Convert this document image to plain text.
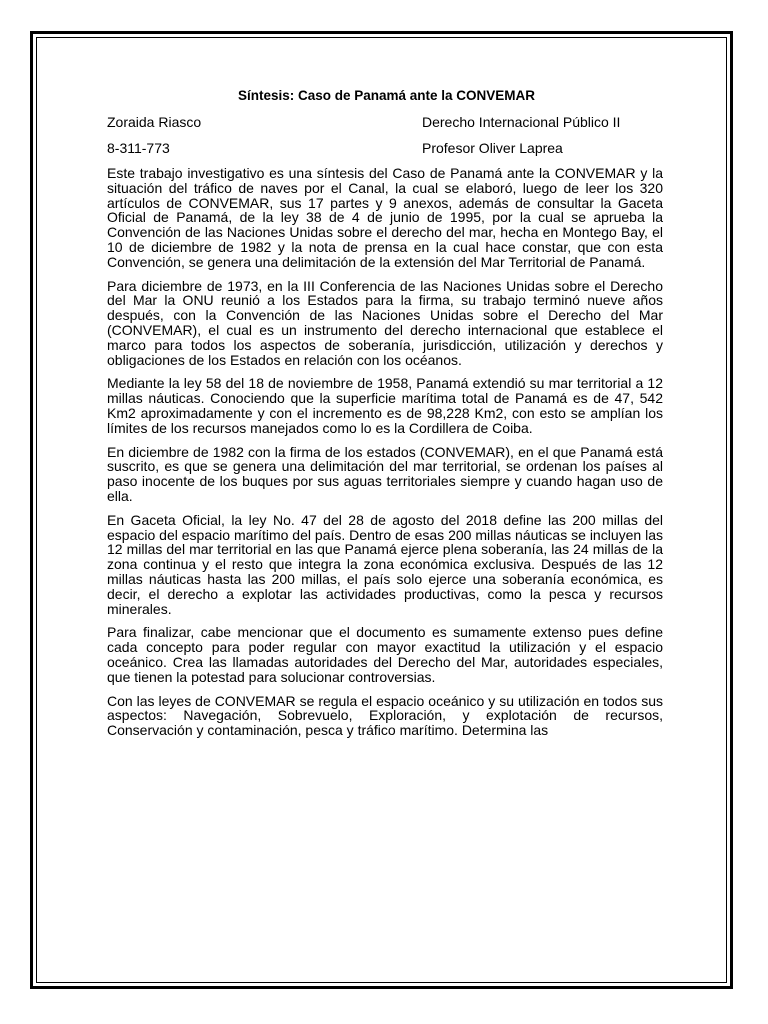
Síntesis: Caso de Panamá ante la CONVEMAR
Zoraida Riasco	Derecho Internacional Público II
8-311-773	Profesor Oliver Laprea

Este trabajo investigativo es una síntesis del Caso de Panamá ante la CONVEMAR y la situación del tráfico de naves por el Canal, la cual se elaboró, luego de leer los 320 artículos de CONVEMAR, sus 17 partes y 9 anexos, además de consultar la Gaceta Oficial de Panamá, de la ley 38 de 4 de junio de 1995, por la cual se aprueba la Convención de las Naciones Unidas sobre el derecho del mar, hecha en Montego Bay, el 10 de diciembre de 1982 y la nota de prensa en la cual hace constar, que con esta Convención, se genera una delimitación de la extensión del Mar Territorial de Panamá.

Para diciembre de 1973, en la III Conferencia de las Naciones Unidas sobre el Derecho del Mar la ONU reunió a los Estados para la firma, su trabajo terminó nueve años después, con la Convención de las Naciones Unidas sobre el Derecho del Mar (CONVEMAR), el cual es un instrumento del derecho internacional que establece el marco para todos los aspectos de soberanía, jurisdicción, utilización y derechos y obligaciones de los Estados en relación con los océanos.

Mediante la ley 58 del 18 de noviembre de 1958, Panamá extendió su mar territorial a 12 millas náuticas. Conociendo que la superficie marítima total de Panamá es de 47, 542 Km2 aproximadamente y con el incremento es de 98,228 Km2, con esto se amplían los límites de los recursos manejados como lo es la Cordillera de Coiba.

En diciembre de 1982 con la firma de los estados (CONVEMAR), en el que Panamá está suscrito, es que se genera una delimitación del mar territorial, se ordenan los países al paso inocente de los buques por sus aguas territoriales siempre y cuando hagan uso de ella.

En Gaceta Oficial, la ley No. 47 del 28 de agosto del 2018 define las 200 millas del espacio del espacio marítimo del país. Dentro de esas 200 millas náuticas se incluyen las 12 millas del mar territorial en las que Panamá ejerce plena soberanía, las 24 millas de la zona continua y el resto que integra la zona económica exclusiva. Después de las 12 millas náuticas hasta las 200 millas, el país solo ejerce una soberanía económica, es decir, el derecho a explotar las actividades productivas, como la pesca y recursos minerales.

Para finalizar, cabe mencionar que el documento es sumamente extenso pues define cada concepto para poder regular con mayor exactitud la utilización y el espacio oceánico. Crea las llamadas autoridades del Derecho del Mar, autoridades especiales, que tienen la potestad para solucionar controversias.

Con las leyes de CONVEMAR se regula el espacio oceánico y su utilización en todos sus aspectos: Navegación, Sobrevuelo, Exploración, y explotación de recursos, Conservación y contaminación, pesca y tráfico marítimo. Determina las
